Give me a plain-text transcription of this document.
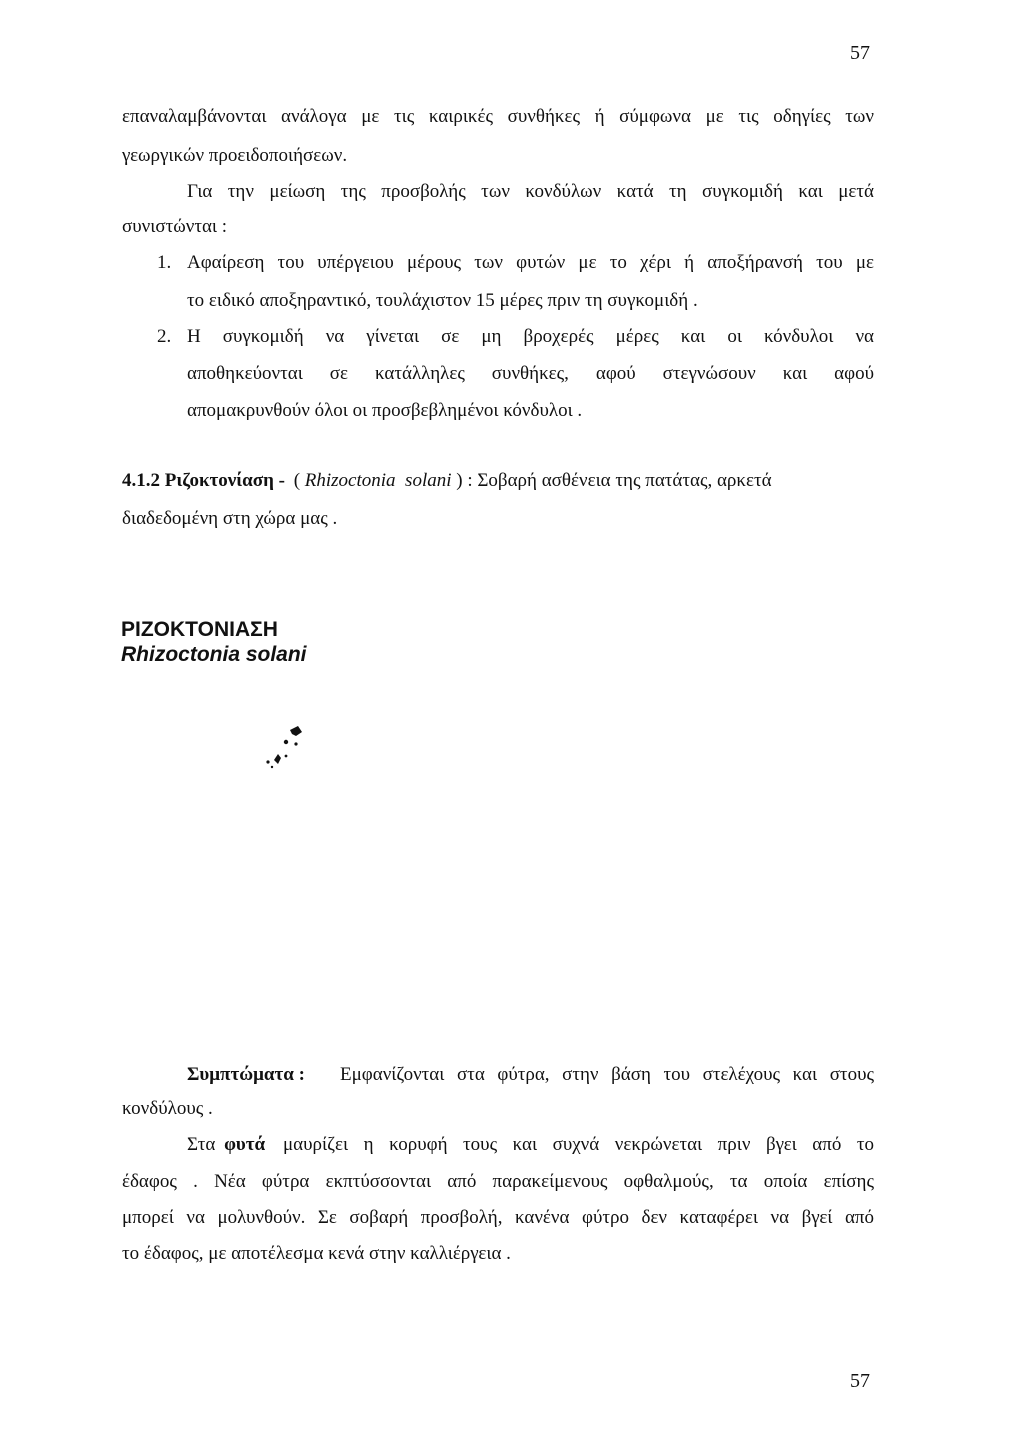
57
επαναλαμβάνονται ανάλογα με τις καιρικές συνθήκες ή σύμφωνα με τις οδηγίες των
γεωργικών προειδοποιήσεων.
Για την μείωση της προσβολής των κονδύλων κατά τη συγκομιδή και μετά
συνιστώνται :
1. Αφαίρεση του υπέργειου μέρους των φυτών με το χέρι ή αποξήρανσή του με
το ειδικό αποξηραντικό, τουλάχιστον 15 μέρες πριν τη συγκομιδή .
2. Η συγκομιδή να γίνεται σε μη βροχερές μέρες και οι κόνδυλοι να
αποθηκεύονται σε κατάλληλες συνθήκες, αφού στεγνώσουν και αφού
απομακρυνθούν όλοι οι προσβεβλημένοι κόνδυλοι .
4.1.2 Ριζοκτονίαση - ( Rhizoctonia  solani ) : Σοβαρή ασθένεια της πατάτας, αρκετά
διαδεδομένη στη χώρα μας .
ΡΙΖΟΚΤΟΝΙΑΣΗ
Rhizoctonia solani
Συμπτώματα : Εμφανίζονται στα φύτρα, στην βάση του στελέχους και στους
κονδύλους .
Στα φυτά μαυρίζει η κορυφή τους και συχνά νεκρώνεται πριν βγει από το
έδαφος . Νέα φύτρα εκπτύσσονται από παρακείμενους οφθαλμούς, τα οποία επίσης
μπορεί να μολυνθούν. Σε σοβαρή προσβολή, κανένα φύτρο δεν καταφέρει να βγεί από
το έδαφος, με αποτέλεσμα κενά στην καλλιέργεια .
57
